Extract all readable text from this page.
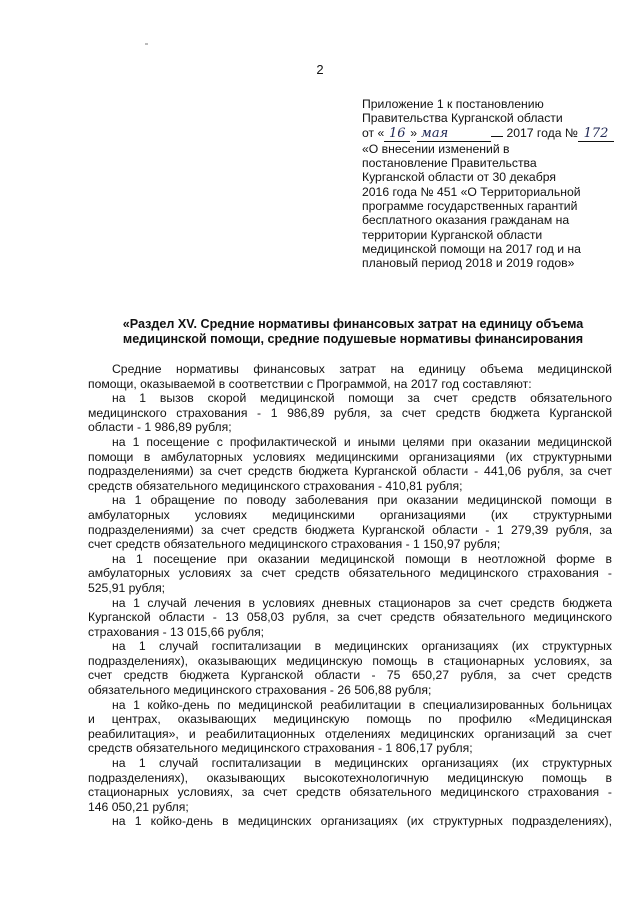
2
Приложение 1 к постановлению
Правительства Курганской области
от « 16 » мая	2017 года № 172
«О внесении изменений в
постановление Правительства
Курганской области от 30 декабря
2016 года № 451 «О Территориальной
программе государственных гарантий
бесплатного оказания гражданам на
территории Курганской области
медицинской помощи на 2017 год и на
плановый период 2018 и 2019 годов»
«Раздел XV. Средние нормативы финансовых затрат на единицу объема
медицинской помощи, средние подушевые нормативы финансирования
Средние нормативы финансовых затрат на единицу объема медицинской
помощи, оказываемой в соответствии с Программой, на 2017 год составляют:
на 1 вызов скорой медицинской помощи за счет средств обязательного
медицинского страхования - 1 986,89 рубля, за счет средств бюджета Курганской
области - 1 986,89 рубля;
на 1 посещение с профилактической и иными целями при оказании медицинской
помощи в амбулаторных условиях медицинскими организациями (их структурными
подразделениями) за счет средств бюджета Курганской области - 441,06 рубля, за счет
средств обязательного медицинского страхования - 410,81 рубля;
на 1 обращение по поводу заболевания при оказании медицинской помощи в
амбулаторных условиях медицинскими организациями (их структурными
подразделениями) за счет средств бюджета Курганской области - 1 279,39 рубля, за
счет средств обязательного медицинского страхования - 1 150,97 рубля;
на 1 посещение при оказании медицинской помощи в неотложной форме в
амбулаторных условиях за счет средств обязательного медицинского страхования -
525,91 рубля;
на 1 случай лечения в условиях дневных стационаров за счет средств бюджета
Курганской области - 13 058,03 рубля, за счет средств обязательного медицинского
страхования - 13 015,66 рубля;
на 1 случай госпитализации в медицинских организациях (их структурных
подразделениях), оказывающих медицинскую помощь в стационарных условиях, за
счет средств бюджета Курганской области - 75 650,27 рубля, за счет средств
обязательного медицинского страхования - 26 506,88 рубля;
на 1 койко-день по медицинской реабилитации в специализированных больницах
и центрах, оказывающих медицинскую помощь по профилю «Медицинская
реабилитация», и реабилитационных отделениях медицинских организаций за счет
средств обязательного медицинского страхования - 1 806,17 рубля;
на 1 случай госпитализации в медицинских организациях (их структурных
подразделениях), оказывающих высокотехнологичную медицинскую помощь в
стационарных условиях, за счет средств обязательного медицинского страхования -
146 050,21 рубля;
на 1 койко-день в медицинских организациях (их структурных подразделениях),
